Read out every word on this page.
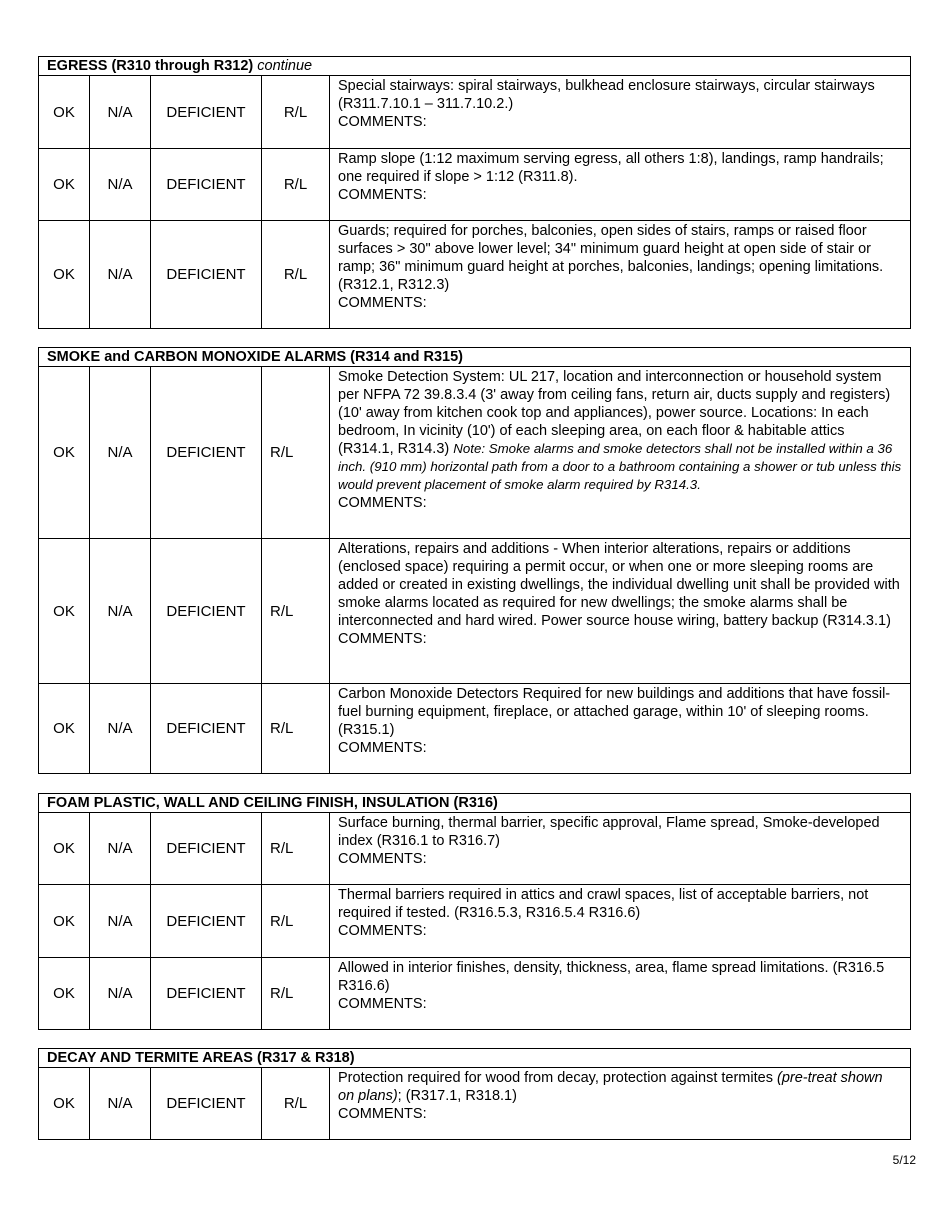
EGRESS (R310 through R312) continue				
OK	N/A	DEFICIENT	R/L	Special stairways: spiral stairways, bulkhead enclosure stairways, circular stairways (R311.7.10.1 – 311.7.10.2.)
COMMENTS:

OK	N/A	DEFICIENT	R/L	Ramp slope (1:12 maximum serving egress, all others 1:8), landings, ramp handrails; one required if slope > 1:12 (R311.8).
COMMENTS:

OK	N/A	DEFICIENT	R/L	Guards; required for porches, balconies, open sides of stairs, ramps or raised floor surfaces > 30" above lower level; 34" minimum guard height at open side of stair or ramp; 36" minimum guard height at porches, balconies, landings; opening limitations. (R312.1, R312.3)
COMMENTS:
SMOKE and CARBON MONOXIDE ALARMS (R314 and R315)				
OK	N/A	DEFICIENT	R/L	Smoke Detection System: UL 217, location and interconnection or household system per NFPA 72 39.8.3.4 (3' away from ceiling fans, return air, ducts supply and registers) (10' away from kitchen cook top and appliances), power source. Locations: In each bedroom, In vicinity (10') of each sleeping area, on each floor & habitable attics (R314.1, R314.3) Note: Smoke alarms and smoke detectors shall not be installed within a 36 inch. (910 mm) horizontal path from a door to a bathroom containing a shower or tub unless this would prevent placement of smoke alarm required by R314.3.
COMMENTS:

OK	N/A	DEFICIENT	R/L	Alterations, repairs and additions - When interior alterations, repairs or additions (enclosed space) requiring a permit occur, or when one or more sleeping rooms are added or created in existing dwellings, the individual dwelling unit shall be provided with smoke alarms located as required for new dwellings; the smoke alarms shall be interconnected and hard wired. Power source house wiring, battery backup (R314.3.1)
COMMENTS:

OK	N/A	DEFICIENT	R/L	Carbon Monoxide Detectors Required for new buildings and additions that have fossil-fuel burning equipment, fireplace, or attached garage, within 10' of sleeping rooms. (R315.1)
COMMENTS:
FOAM PLASTIC, WALL AND CEILING FINISH, INSULATION (R316)				
OK	N/A	DEFICIENT	R/L	Surface burning, thermal barrier, specific approval, Flame spread, Smoke-developed index (R316.1 to R316.7)
COMMENTS:

OK	N/A	DEFICIENT	R/L	Thermal barriers required in attics and crawl spaces, list of acceptable barriers, not required if tested. (R316.5.3, R316.5.4 R316.6)
COMMENTS:

OK	N/A	DEFICIENT	R/L	Allowed in interior finishes, density, thickness, area, flame spread limitations. (R316.5 R316.6)
COMMENTS:
DECAY AND TERMITE AREAS (R317 & R318)
OK	N/A	DEFICIENT	R/L	Protection required for wood from decay, protection against termites (pre-treat shown on plans); (R317.1, R318.1)
COMMENTS:
5/12
